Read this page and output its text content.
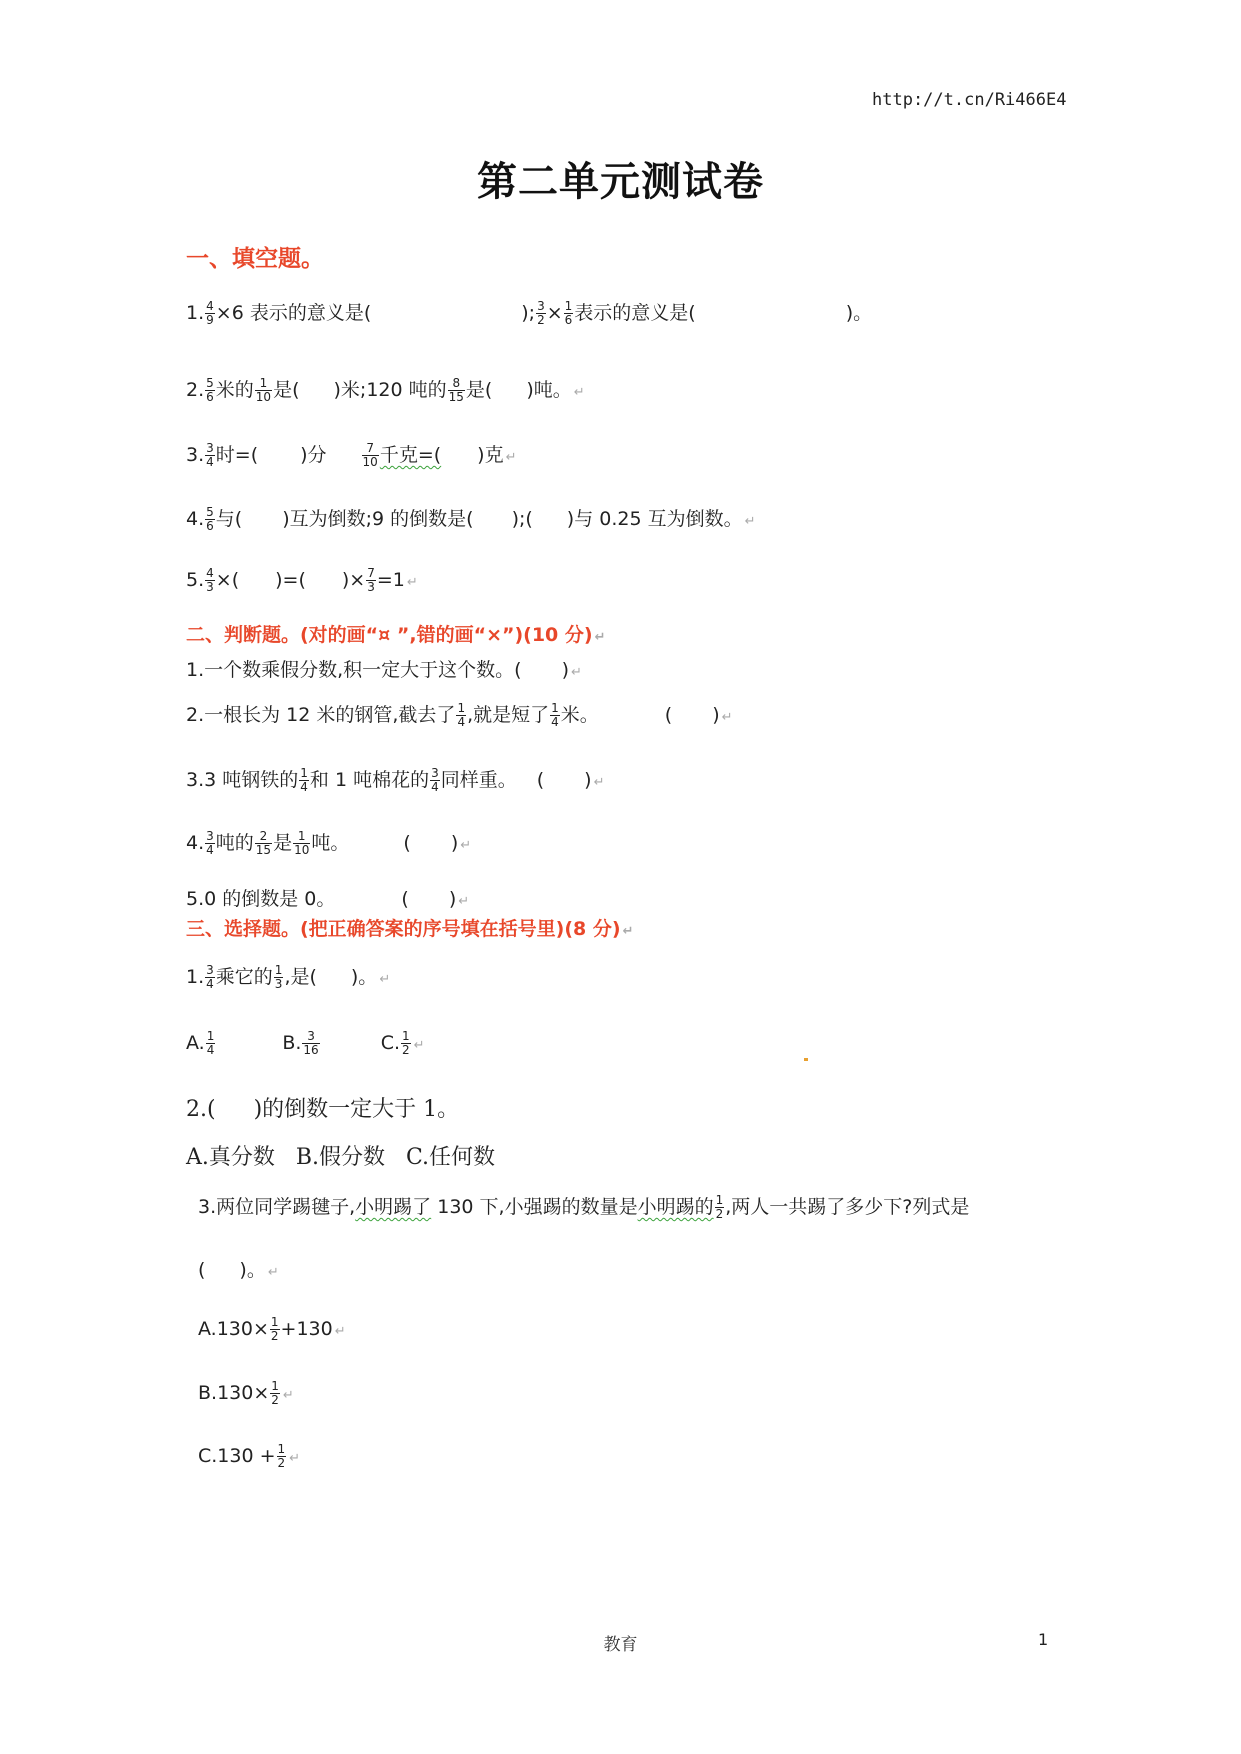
http://t.cn/Ri466E4
第二单元测试卷
一、填空题。
1. $\frac{4}{9} \times 6$ 表示的意义是(	); $\frac{3}{2} \times \frac{1}{6}$ 表示的意义是(	)。
2. $\frac{5}{6}$ 米的 $\frac{1}{10}$ 是( )米;120 吨的 $\frac{8}{15}$ 是( )吨。 ↵
3. $\frac{3}{4}$ 时=( )分	$\frac{7}{10}$ 千克=( )克 ↵
4. $\frac{5}{6}$ 与( )互为倒数;9 的倒数是( );( )与 0.25 互为倒数。 ↵
5. $\frac{4}{3}$ ×( )=( )× $\frac{7}{3} =1$ ↵
二、判断题。(对的画“¤ ”,错的画“×”)(10 分) ↵
1.一个数乘假分数,积一定大于这个数。( ) ↵
2.一根长为 12 米的钢管,截去了 $\frac{1}{4}$ ,就是短了 $\frac{1}{4}$ 米。	( ) ↵
3.3 吨钢铁的 $\frac{1}{4}$ 和 1 吨棉花的 $\frac{3}{4}$ 同样重。 ( ) ↵
4. $\frac{3}{4}$ 吨的 $\frac{2}{15}$ 是 $\frac{1}{10}$ 吨。	( ) ↵
5.0 的倒数是 0。	( ) ↵
三、选择题。(把正确答案的序号填在括号里)(8 分) ↵
1. $\frac{3}{4}$ 乘它的 $\frac{1}{3}$ ,是( )。 ↵
A. $\frac{1}{4}$	B. $\frac{3}{16}$	C. $\frac{1}{2}$ ↵
2.( )的倒数一定大于 1。
A.真分数   B.假分数   C.任何数
3.两位同学踢毽子,小明踢了 130 下,小强踢的数量是小明踢的 $\frac{1}{2}$ ,两人一共踢了多少下?列式是
( )。 ↵
$A.130\times \frac{1}{2} +130$ ↵
$B.130\times \frac{1}{2}$ ↵
$C.130 + \frac{1}{2}$ ↵
教育	1
